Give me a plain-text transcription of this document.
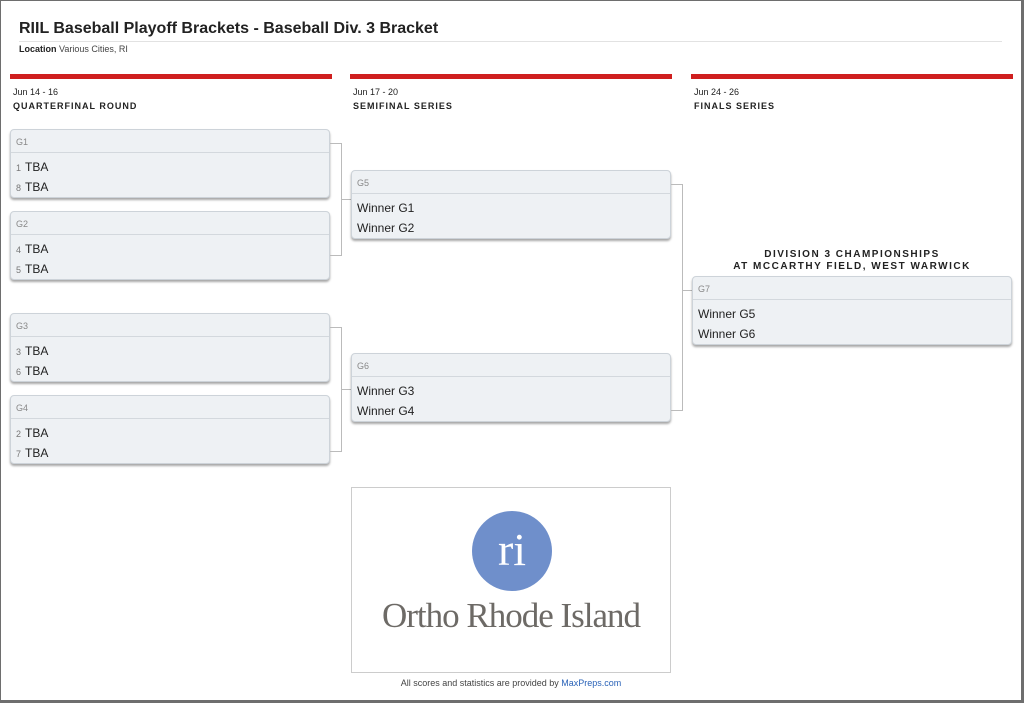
RIIL Baseball Playoff Brackets - Baseball Div. 3 Bracket
Location Various Cities, RI
Jun 14 - 16
QUARTERFINAL ROUND
Jun 17 - 20
SEMIFINAL SERIES
Jun 24 - 26
FINALS SERIES
G1
1 TBA
8 TBA
G2
4 TBA
5 TBA
G3
3 TBA
6 TBA
G4
2 TBA
7 TBA
G5
Winner G1
Winner G2
G6
Winner G3
Winner G4
DIVISION 3 CHAMPIONSHIPS
AT MCCARTHY FIELD, WEST WARWICK
G7
Winner G5
Winner G6
ri
Ortho Rhode Island
All scores and statistics are provided by MaxPreps.com
